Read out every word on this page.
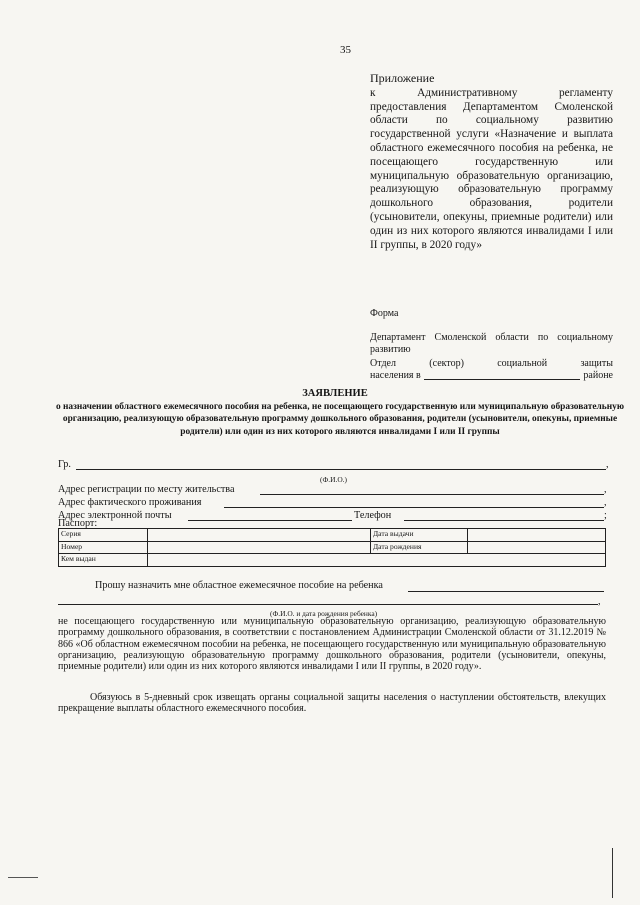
35
Приложение
к Административному регламенту предоставления Департаментом Смоленской области по социальному развитию государственной услуги «Назначение и выплата областного ежемесячного пособия на ребенка, не посещающего государственную или муниципальную образовательную организацию, реализующую образовательную программу дошкольного образования, родители (усыновители, опекуны, приемные родители) или один из них которого являются инвалидами I или II группы, в 2020 году»
Форма
Департамент Смоленской области по социальному развитию
Отдел	(сектор)	социальной	защиты
населения в	районе
ЗАЯВЛЕНИЕ
о назначении областного ежемесячного пособия на ребенка, не посещающего государственную или муниципальную образовательную организацию, реализующую образовательную программу дошкольного образования, родители (усыновители, опекуны, приемные родители) или один из них которого являются инвалидами I или II группы
Гр.	,
(Ф.И.О.)
Адрес регистрации по месту жительства	,
Адрес фактического проживания	,
Адрес электронной почты	Телефон	;
Паспорт:
Серия		Дата выдачи	
Номер		Дата рождения	
Кем выдан			
Прошу назначить мне областное ежемесячное пособие на ребенка
,
(Ф.И.О. и дата рождения ребенка)
не посещающего государственную или муниципальную образовательную организацию, реализующую образовательную программу дошкольного образования, в соответствии с постановлением Администрации Смоленской области от 31.12.2019 № 866 «Об областном ежемесячном пособии на ребенка, не посещающего государственную или муниципальную образовательную организацию, реализующую образовательную программу дошкольного образования, родители (усыновители, опекуны, приемные родители) или один из них которого являются инвалидами I или II группы, в 2020 году».
Обязуюсь в 5-дневный срок извещать органы социальной защиты населения о наступлении обстоятельств, влекущих прекращение выплаты областного ежемесячного пособия.
